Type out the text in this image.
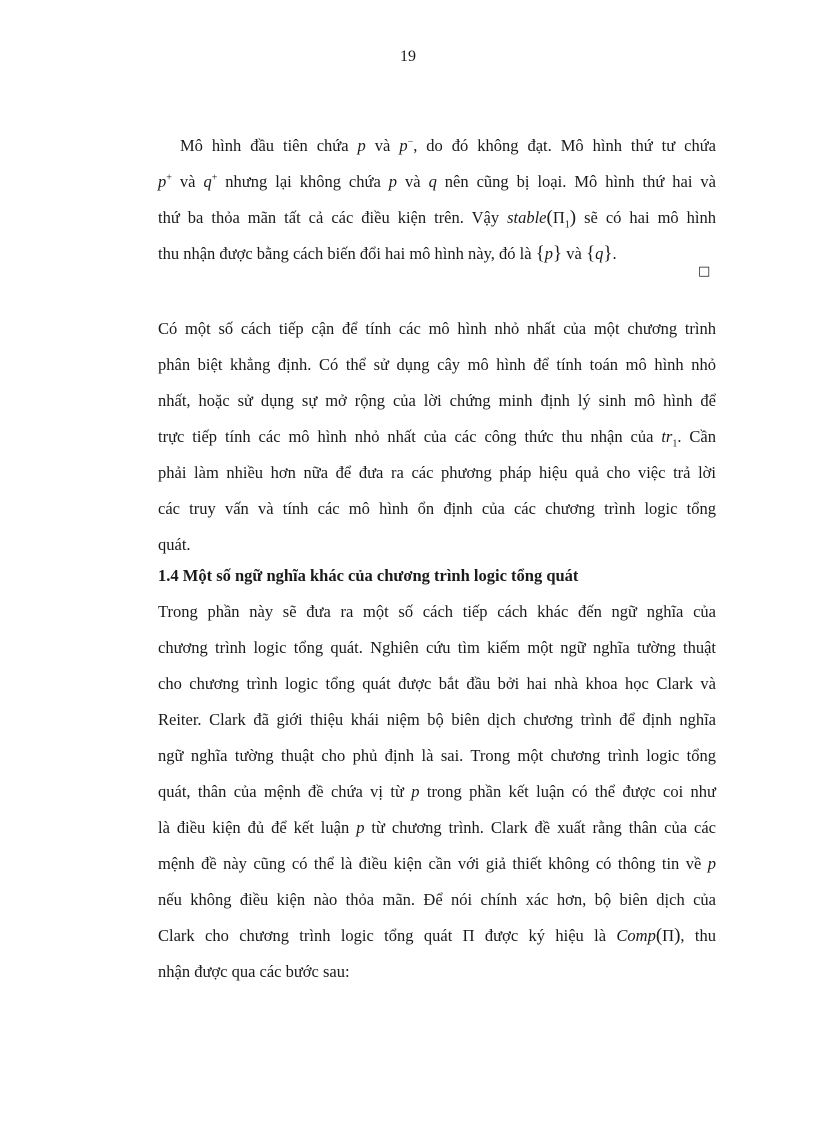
19
Mô hình đầu tiên chứa p và p−, do đó không đạt. Mô hình thứ tư chứa
p+ và q+ nhưng lại không chứa p và q nên cũng bị loại. Mô hình thứ hai và
thứ ba thỏa mãn tất cả các điều kiện trên. Vậy $stable(\Pi_1)$ sẽ có hai mô hình
thu nhận được bằng cách biến đổi hai mô hình này, đó là {p} và {q}.
□
Có một số cách tiếp cận để tính các mô hình nhỏ nhất của một chương trình
phân biệt khẳng định. Có thể sử dụng cây mô hình để tính toán mô hình nhỏ
nhất, hoặc sử dụng sự mở rộng của lời chứng minh định lý sinh mô hình để
trực tiếp tính các mô hình nhỏ nhất của các công thức thu nhận của $tr_1$. Cần
phải làm nhiều hơn nữa để đưa ra các phương pháp hiệu quả cho việc trả lời
các truy vấn và tính các mô hình ổn định của các chương trình logic tổng
quát.
1.4 Một số ngữ nghĩa khác của chương trình logic tổng quát
Trong phần này sẽ đưa ra một số cách tiếp cách khác đến ngữ nghĩa của
chương trình logic tổng quát. Nghiên cứu tìm kiếm một ngữ nghĩa tường thuật
cho chương trình logic tổng quát được bắt đầu bởi hai nhà khoa học Clark và
Reiter. Clark đã giới thiệu khái niệm bộ biên dịch chương trình để định nghĩa
ngữ nghĩa tường thuật cho phủ định là sai. Trong một chương trình logic tổng
quát, thân của mệnh đề chứa vị từ p trong phần kết luận có thể được coi như
là điều kiện đủ để kết luận p từ chương trình. Clark đề xuất rằng thân của các
mệnh đề này cũng có thể là điều kiện cần với giả thiết không có thông tin về p
nếu không điều kiện nào thỏa mãn. Để nói chính xác hơn, bộ biên dịch của
Clark cho chương trình logic tổng quát Π được ký hiệu là Comp(Π), thu
nhận được qua các bước sau:
